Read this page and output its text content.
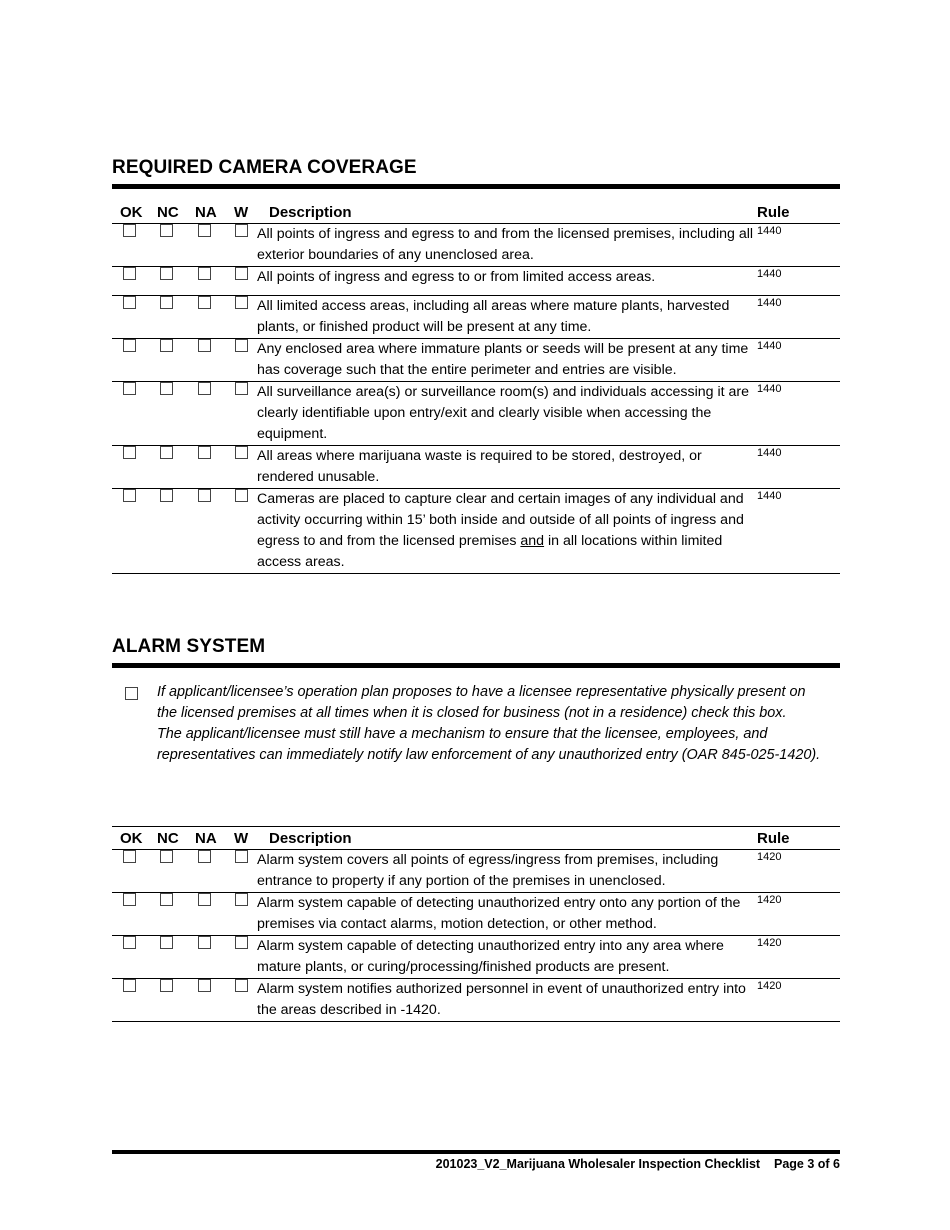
REQUIRED CAMERA COVERAGE
OK	NC	NA	W	Description	Rule

	All points of ingress and egress to and from the licensed premises, including all exterior boundaries of any unenclosed area.	1440

	All points of ingress and egress to or from limited access areas.	1440

	All limited access areas, including all areas where mature plants, harvested plants, or finished product will be present at any time.	1440

	Any enclosed area where immature plants or seeds will be present at any time has coverage such that the entire perimeter and entries are visible.	1440

	All surveillance area(s) or surveillance room(s) and individuals accessing it are clearly identifiable upon entry/exit and clearly visible when accessing the equipment.	1440

	All areas where marijuana waste is required to be stored, destroyed, or rendered unusable.	1440

	Cameras are placed to capture clear and certain images of any individual and activity occurring within 15’ both inside and outside of all points of ingress and egress to and from the licensed premises and in all locations within limited access areas.	1440
ALARM SYSTEM

If applicant/licensee’s operation plan proposes to have a licensee representative physically present on the licensed premises at all times when it is closed for business (not in a residence) check this box.

The applicant/licensee must still have a mechanism to ensure that the licensee, employees, and representatives can immediately notify law enforcement of any unauthorized entry (OAR 845-025-1420).

OK	NC	NA	W	Description	Rule

	Alarm system covers all points of egress/ingress from premises, including entrance to property if any portion of the premises in unenclosed.	1420

	Alarm system capable of detecting unauthorized entry onto any portion of the premises via contact alarms, motion detection, or other method.	1420

	Alarm system capable of detecting unauthorized entry into any area where mature plants, or curing/processing/finished products are present.	1420

	Alarm system notifies authorized personnel in event of unauthorized entry into the areas described in -1420.	1420
201023_V2_Marijuana Wholesaler Inspection Checklist Page 3 of 6
